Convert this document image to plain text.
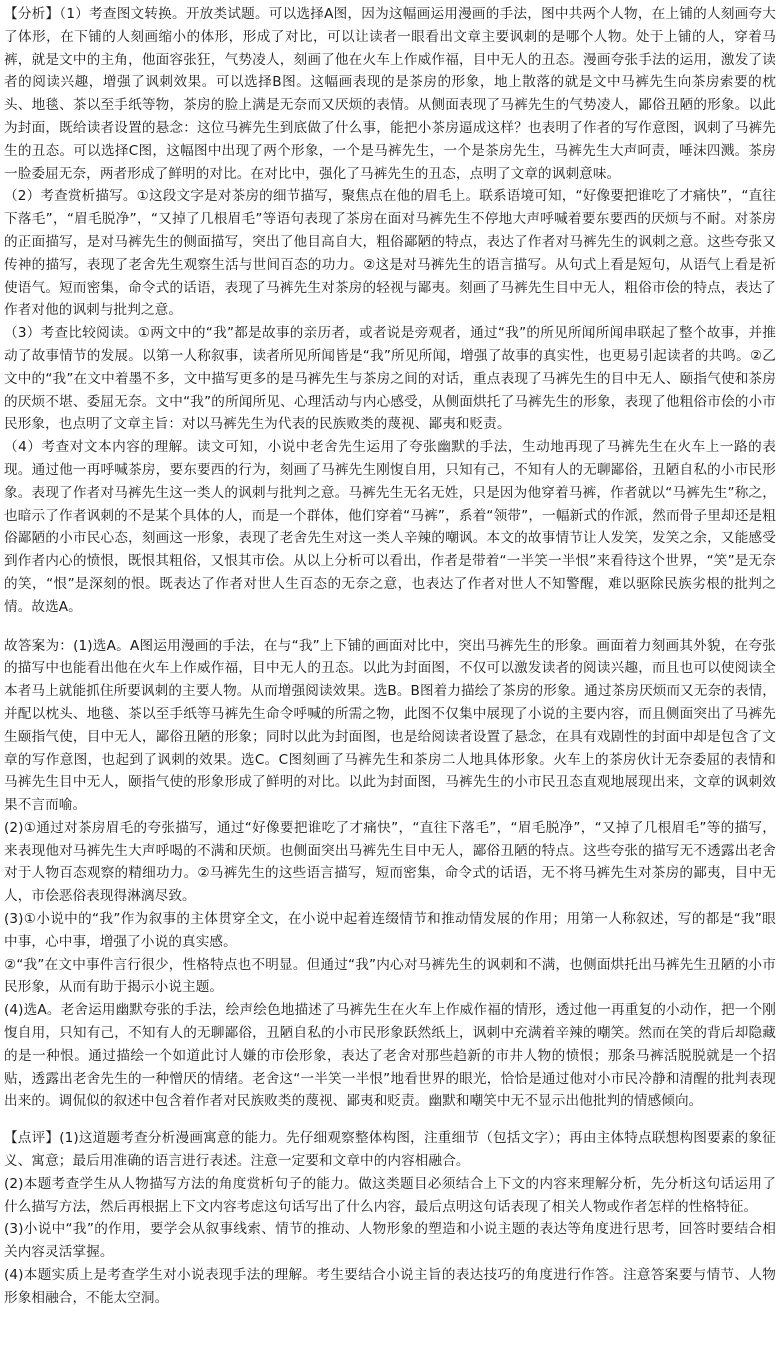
【分析】（1）考查图文转换。开放类试题。可以选择A图，因为这幅画运用漫画的手法，图中共两个人物，在上铺的人刻画夸大了体形，在下铺的人刻画缩小的体形，形成了对比，可以让读者一眼看出文章主要讽刺的是哪个人物。处于上铺的人，穿着马裤，就是文中的主角，他面容张狂，气势凌人，刻画了他在火车上作威作福，目中无人的丑态。漫画夸张手法的运用，激发了读者的阅读兴趣，增强了讽刺效果。可以选择B图。这幅画表现的是茶房的形象，地上散落的就是文中马裤先生向茶房索要的枕头、地毯、茶以至手纸等物，茶房的脸上满是无奈而又厌烦的表情。从侧面表现了马裤先生的气势凌人，鄙俗丑陋的形象。以此为封面，既给读者设置的悬念：这位马裤先生到底做了什么事，能把小茶房逼成这样？也表明了作者的写作意图，讽刺了马裤先生的丑态。可以选择C图，这幅图中出现了两个形象，一个是马裤先生，一个是茶房先生，马裤先生大声呵责，唾沫四溅。茶房一脸委屈无奈，两者形成了鲜明的对比。在对比中，强化了马裤先生的丑态，点明了文章的讽刺意味。

（2）考查赏析描写。①这段文字是对茶房的细节描写，聚焦点在他的眉毛上。联系语境可知，“好像要把谁吃了才痛快”，“直往下落毛”，“眉毛脱净”，“又掉了几根眉毛”等语句表现了茶房在面对马裤先生不停地大声呼喊着要东要西的厌烦与不耐。对茶房的正面描写，是对马裤先生的侧面描写，突出了他目高自大，粗俗鄙陋的特点，表达了作者对马裤先生的讽刺之意。这些夸张又传神的描写，表现了老舍先生观察生活与世间百态的功力。②这是对马裤先生的语言描写。从句式上看是短句，从语气上看是祈使语气。短而密集，命令式的话语，表现了马裤先生对茶房的轻视与鄙夷。刻画了马裤先生目中无人，粗俗市侩的特点，表达了作者对他的讽刺与批判之意。

（3）考查比较阅读。①两文中的“我”都是故事的亲历者，或者说是旁观者，通过“我”的所见所闻所闻串联起了整个故事，并推动了故事情节的发展。以第一人称叙事，读者所见所闻皆是“我”所见所闻，增强了故事的真实性，也更易引起读者的共鸣。②乙文中的“我”在文中着墨不多，文中描写更多的是马裤先生与茶房之间的对话，重点表现了马裤先生的目中无人、颐指气使和茶房的厌烦不堪、委屈无奈。文中“我”的所闻所见、心理活动与内心感受，从侧面烘托了马裤先生的形象，表现了他粗俗市侩的小市民形象，也点明了文章主旨：对以马裤先生为代表的民族败类的蔑视、鄙夷和贬责。

（4）考查对文本内容的理解。读文可知，小说中老舍先生运用了夸张幽默的手法，生动地再现了马裤先生在火车上一路的表现。通过他一再呼喊茶房，要东要西的行为，刻画了马裤先生刚愎自用，只知有己，不知有人的无聊鄙俗，丑陋自私的小市民形象。表现了作者对马裤先生这一类人的讽刺与批判之意。马裤先生无名无姓，只是因为他穿着马裤，作者就以“马裤先生”称之，也暗示了作者讽刺的不是某个具体的人，而是一个群体，他们穿着“马裤”，系着“领带”，一幅新式的作派，然而骨子里却还是粗俗鄙陋的小市民心态，刻画这一形象，表现了老舍先生对这一类人辛辣的嘲讽。本文的故事情节让人发笑，发笑之余，又能感受到作者内心的愤恨，既恨其粗俗，又恨其市侩。从以上分析可以看出，作者是带着“一半笑一半恨”来看待这个世界，“笑”是无奈的笑，“恨”是深刻的恨。既表达了作者对世人生百态的无奈之意，也表达了作者对世人不知警醒，难以驱除民族劣根的批判之情。故选A。

故答案为：(1)选A。A图运用漫画的手法，在与“我”上下铺的画面对比中，突出马裤先生的形象。画面着力刻画其外貌，在夸张的描写中也能看出他在火车上作威作福，目中无人的丑态。以此为封面图，不仅可以激发读者的阅读兴趣，而且也可以使阅读全本者马上就能抓住所要讽刺的主要人物。从而增强阅读效果。选B。B图着力描绘了茶房的形象。通过茶房厌烦而又无奈的表情，并配以枕头、地毯、茶以至手纸等马裤先生命令呼喊的所需之物，此图不仅集中展现了小说的主要内容，而且侧面突出了马裤先生颐指气使，目中无人，鄙俗丑陋的形象；同时以此为封面图，也是给阅读者设置了悬念，在具有戏剧性的封面中却是包含了文章的写作意图，也起到了讽刺的效果。选C。C图刻画了马裤先生和茶房二人地具体形象。火车上的茶房伙计无奈委屈的表情和马裤先生目中无人，颐指气使的形象形成了鲜明的对比。以此为封面图，马裤先生的小市民丑态直观地展现出来，文章的讽刺效果不言而喻。

(2)①通过对茶房眉毛的夸张描写，通过“好像要把谁吃了才痛快”，“直往下落毛”，“眉毛脱净”，“又掉了几根眉毛”等的描写，来表现他对马裤先生大声呼喝的不满和厌烦。也侧面突出马裤先生目中无人，鄙俗丑陋的特点。这些夸张的描写无不透露出老舍对于人物百态观察的精细功力。②马裤先生的这些语言描写，短而密集，命令式的话语，无不将马裤先生对茶房的鄙夷，目中无人，市侩恶俗表现得淋漓尽致。

(3)①小说中的“我”作为叙事的主体贯穿全文，在小说中起着连缀情节和推动情发展的作用；用第一人称叙述，写的都是“我”眼中事，心中事，增强了小说的真实感。

②“我”在文中事件言行很少，性格特点也不明显。但通过“我”内心对马裤先生的讽刺和不满，也侧面烘托出马裤先生丑陋的小市民形象，从而有助于揭示小说主题。

(4)选A。老舍运用幽默夸张的手法，绘声绘色地描述了马裤先生在火车上作威作福的情形，透过他一再重复的小动作，把一个刚愎自用，只知有己，不知有人的无聊鄙俗，丑陋自私的小市民形象跃然纸上，讽刺中充满着辛辣的嘲笑。然而在笑的背后却隐藏的是一种恨。通过描绘一个如道此讨人嫌的市侩形象，表达了老舍对那些趋新的市井人物的愤恨；那条马裤活脱脱就是一个招贴，透露出老舍先生的一种憎厌的情绪。老舍这“一半笑一半恨”地看世界的眼光，恰恰是通过他对小市民冷静和清醒的批判表现出来的。调侃似的叙述中包含着作者对民族败类的蔑视、鄙夷和贬责。幽默和嘲笑中无不显示出他批判的情感倾向。

【点评】(1)这道题考查分析漫画寓意的能力。先仔细观察整体构图，注重细节（包括文字）；再由主体特点联想构图要素的象征义、寓意；最后用准确的语言进行表述。注意一定要和文章中的内容相融合。

(2)本题考查学生从人物描写方法的角度赏析句子的能力。做这类题目必须结合上下文的内容来理解分析，先分析这句话运用了什么描写方法，然后再根据上下文内容考虑这句话写出了什么内容，最后点明这句话表现了相关人物或作者怎样的性格特征。

(3)小说中“我”的作用，要学会从叙事线索、情节的推动、人物形象的塑造和小说主题的表达等角度进行思考，回答时要结合相关内容灵活掌握。

(4)本题实质上是考查学生对小说表现手法的理解。考生要结合小说主旨的表达技巧的角度进行作答。注意答案要与情节、人物形象相融合，不能太空洞。
